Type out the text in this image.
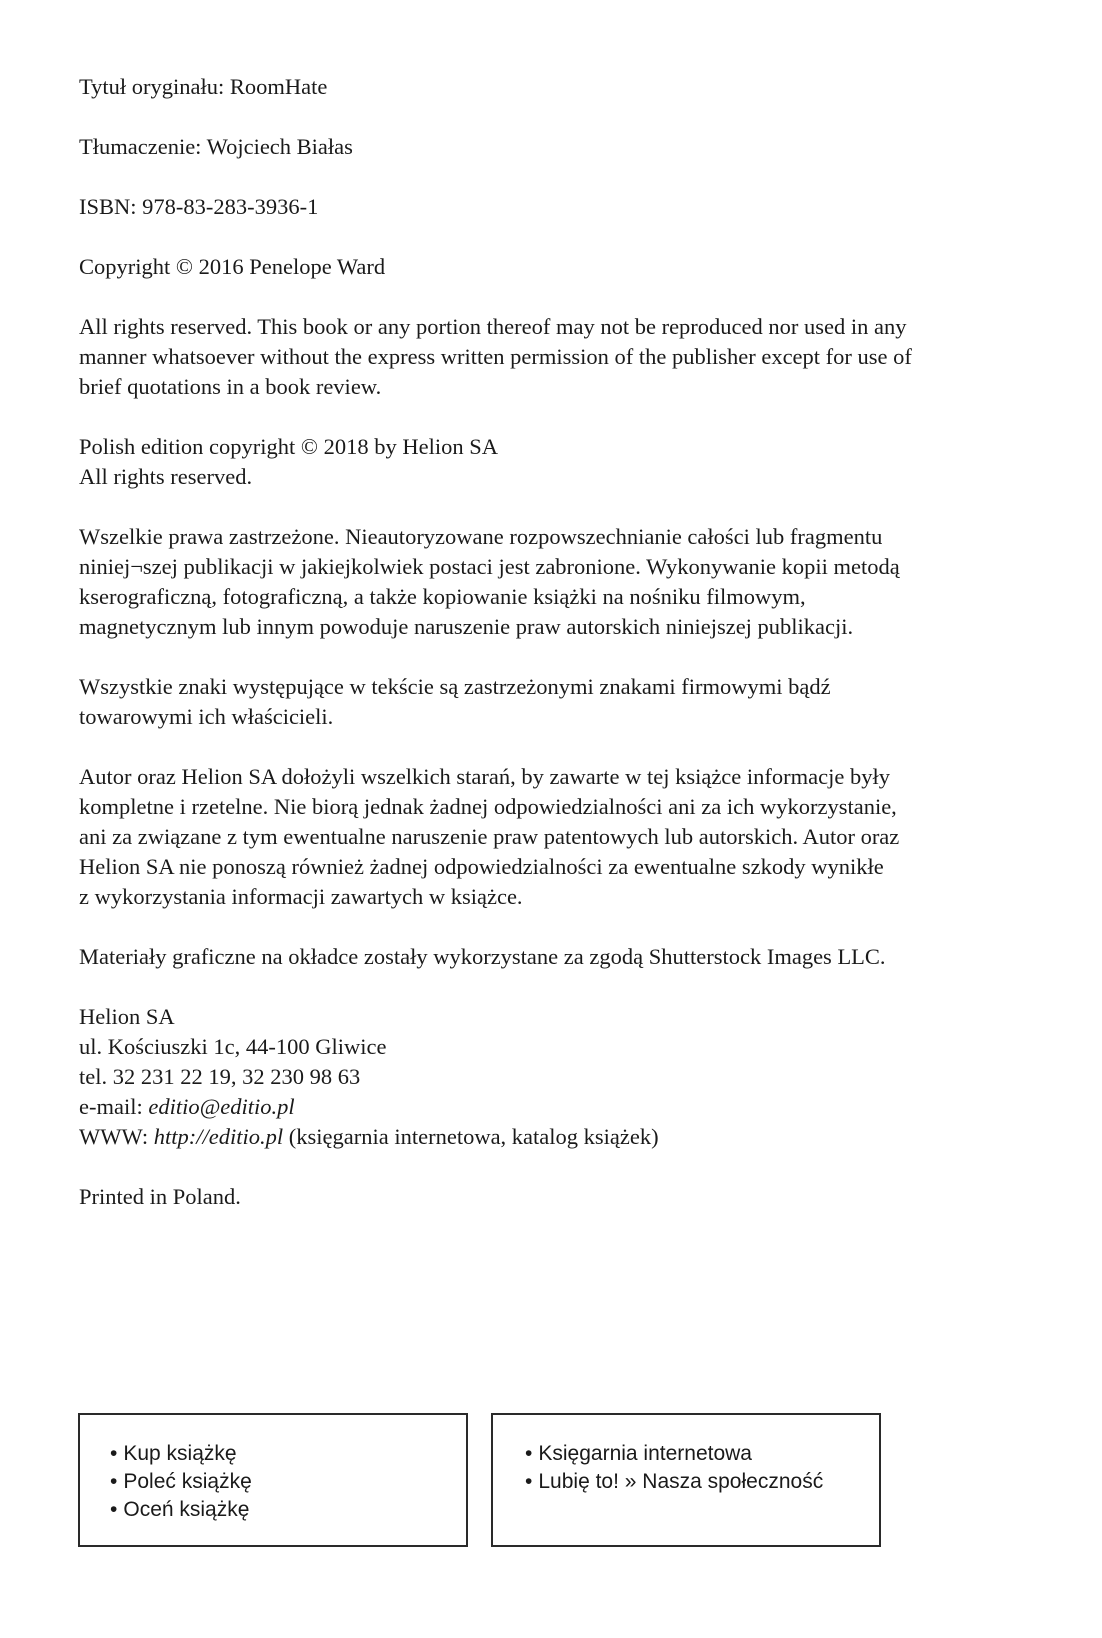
Tytuł oryginału: RoomHate

Tłumaczenie: Wojciech Białas

ISBN: 978-83-283-3936-1

Copyright © 2016 Penelope Ward

All rights reserved. This book or any portion thereof may not be reproduced nor used in any
manner whatsoever without the express written permission of the publisher except for use of
brief quotations in a book review.

Polish edition copyright © 2018 by Helion SA
All rights reserved.

Wszelkie prawa zastrzeżone. Nieautoryzowane rozpowszechnianie całości lub fragmentu
niniej¬szej publikacji w jakiejkolwiek postaci jest zabronione. Wykonywanie kopii metodą
kserograficzną, fotograficzną, a także kopiowanie książki na nośniku filmowym,
magnetycznym lub innym powoduje naruszenie praw autorskich niniejszej publikacji.

Wszystkie znaki występujące w tekście są zastrzeżonymi znakami firmowymi bądź
towarowymi ich właścicieli.

Autor oraz Helion SA dołożyli wszelkich starań, by zawarte w tej książce informacje były
kompletne i rzetelne. Nie biorą jednak żadnej odpowiedzialności ani za ich wykorzystanie,
ani za związane z tym ewentualne naruszenie praw patentowych lub autorskich. Autor oraz
Helion SA nie ponoszą również żadnej odpowiedzialności za ewentualne szkody wynikłe
z wykorzystania informacji zawartych w książce.

Materiały graficzne na okładce zostały wykorzystane za zgodą Shutterstock Images LLC.

Helion SA
ul. Kościuszki 1c, 44-100 Gliwice
tel. 32 231 22 19, 32 230 98 63
e-mail: editio@editio.pl
WWW: http://editio.pl (księgarnia internetowa, katalog książek)

Printed in Poland.

• Kup książkę
• Poleć książkę
• Oceń książkę
• Księgarnia internetowa
• Lubię to! » Nasza społeczność
